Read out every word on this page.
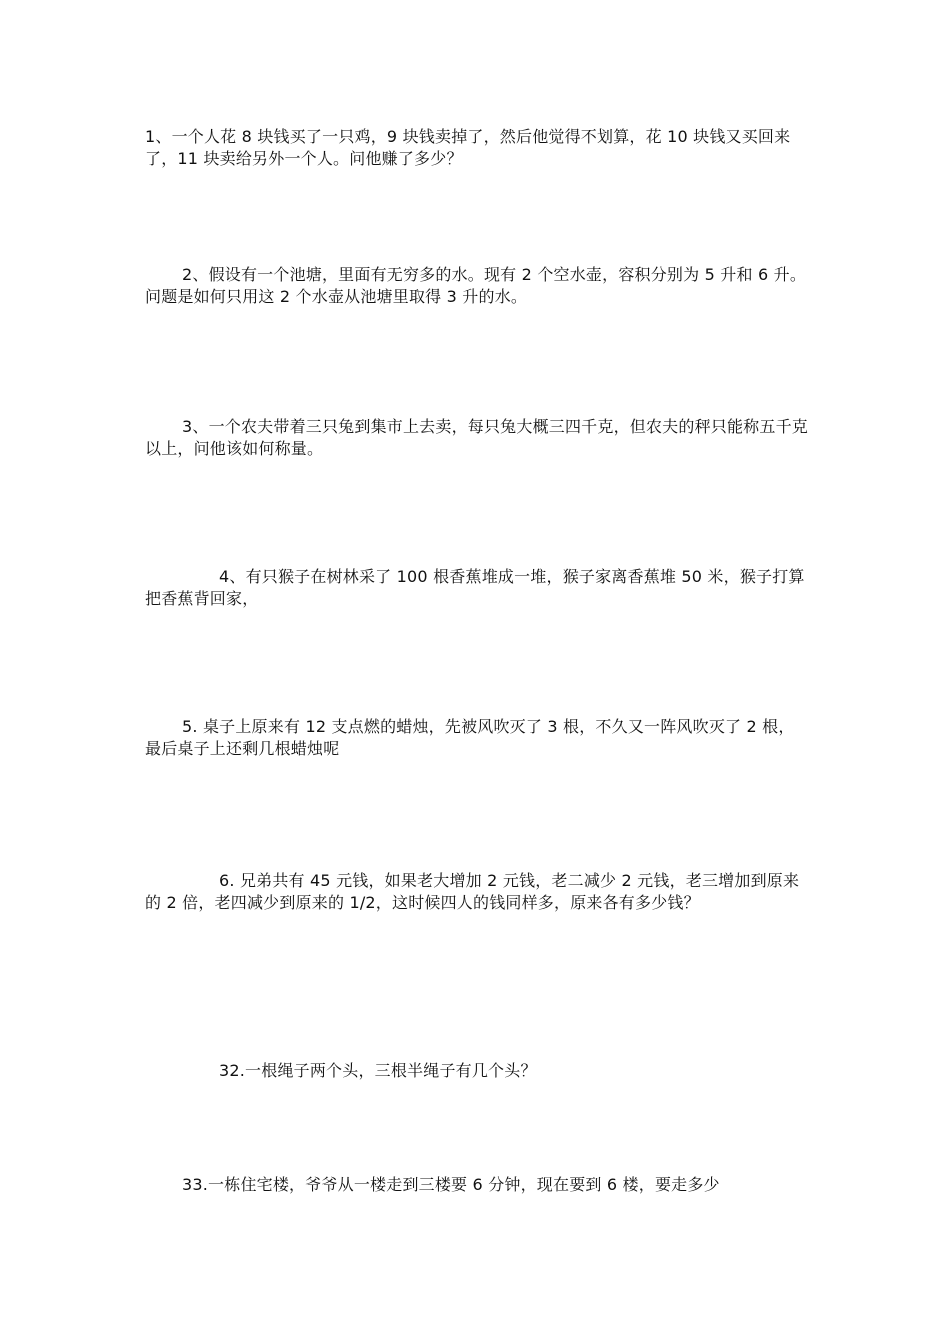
1、一个人花 8 块钱买了一只鸡，9 块钱卖掉了，然后他觉得不划算，花 10 块钱又买回来了，11 块卖给另外一个人。问他赚了多少？

2、假设有一个池塘，里面有无穷多的水。现有 2 个空水壶，容积分别为 5 升和 6 升。问题是如何只用这 2 个水壶从池塘里取得 3 升的水。

3、一个农夫带着三只兔到集市上去卖，每只兔大概三四千克，但农夫的秤只能称五千克以上，问他该如何称量。

4、有只猴子在树林采了 100 根香蕉堆成一堆，猴子家离香蕉堆 50 米，猴子打算把香蕉背回家，

5. 桌子上原来有 12 支点燃的蜡烛，先被风吹灭了 3 根，不久又一阵风吹灭了 2 根，最后桌子上还剩几根蜡烛呢

6. 兄弟共有 45 元钱，如果老大增加 2 元钱，老二减少 2 元钱，老三增加到原来的 2 倍，老四减少到原来的 1/2，这时候四人的钱同样多，原来各有多少钱？

32.一根绳子两个头，三根半绳子有几个头？

33.一栋住宅楼，爷爷从一楼走到三楼要 6 分钟，现在要到 6 楼，要走多少
